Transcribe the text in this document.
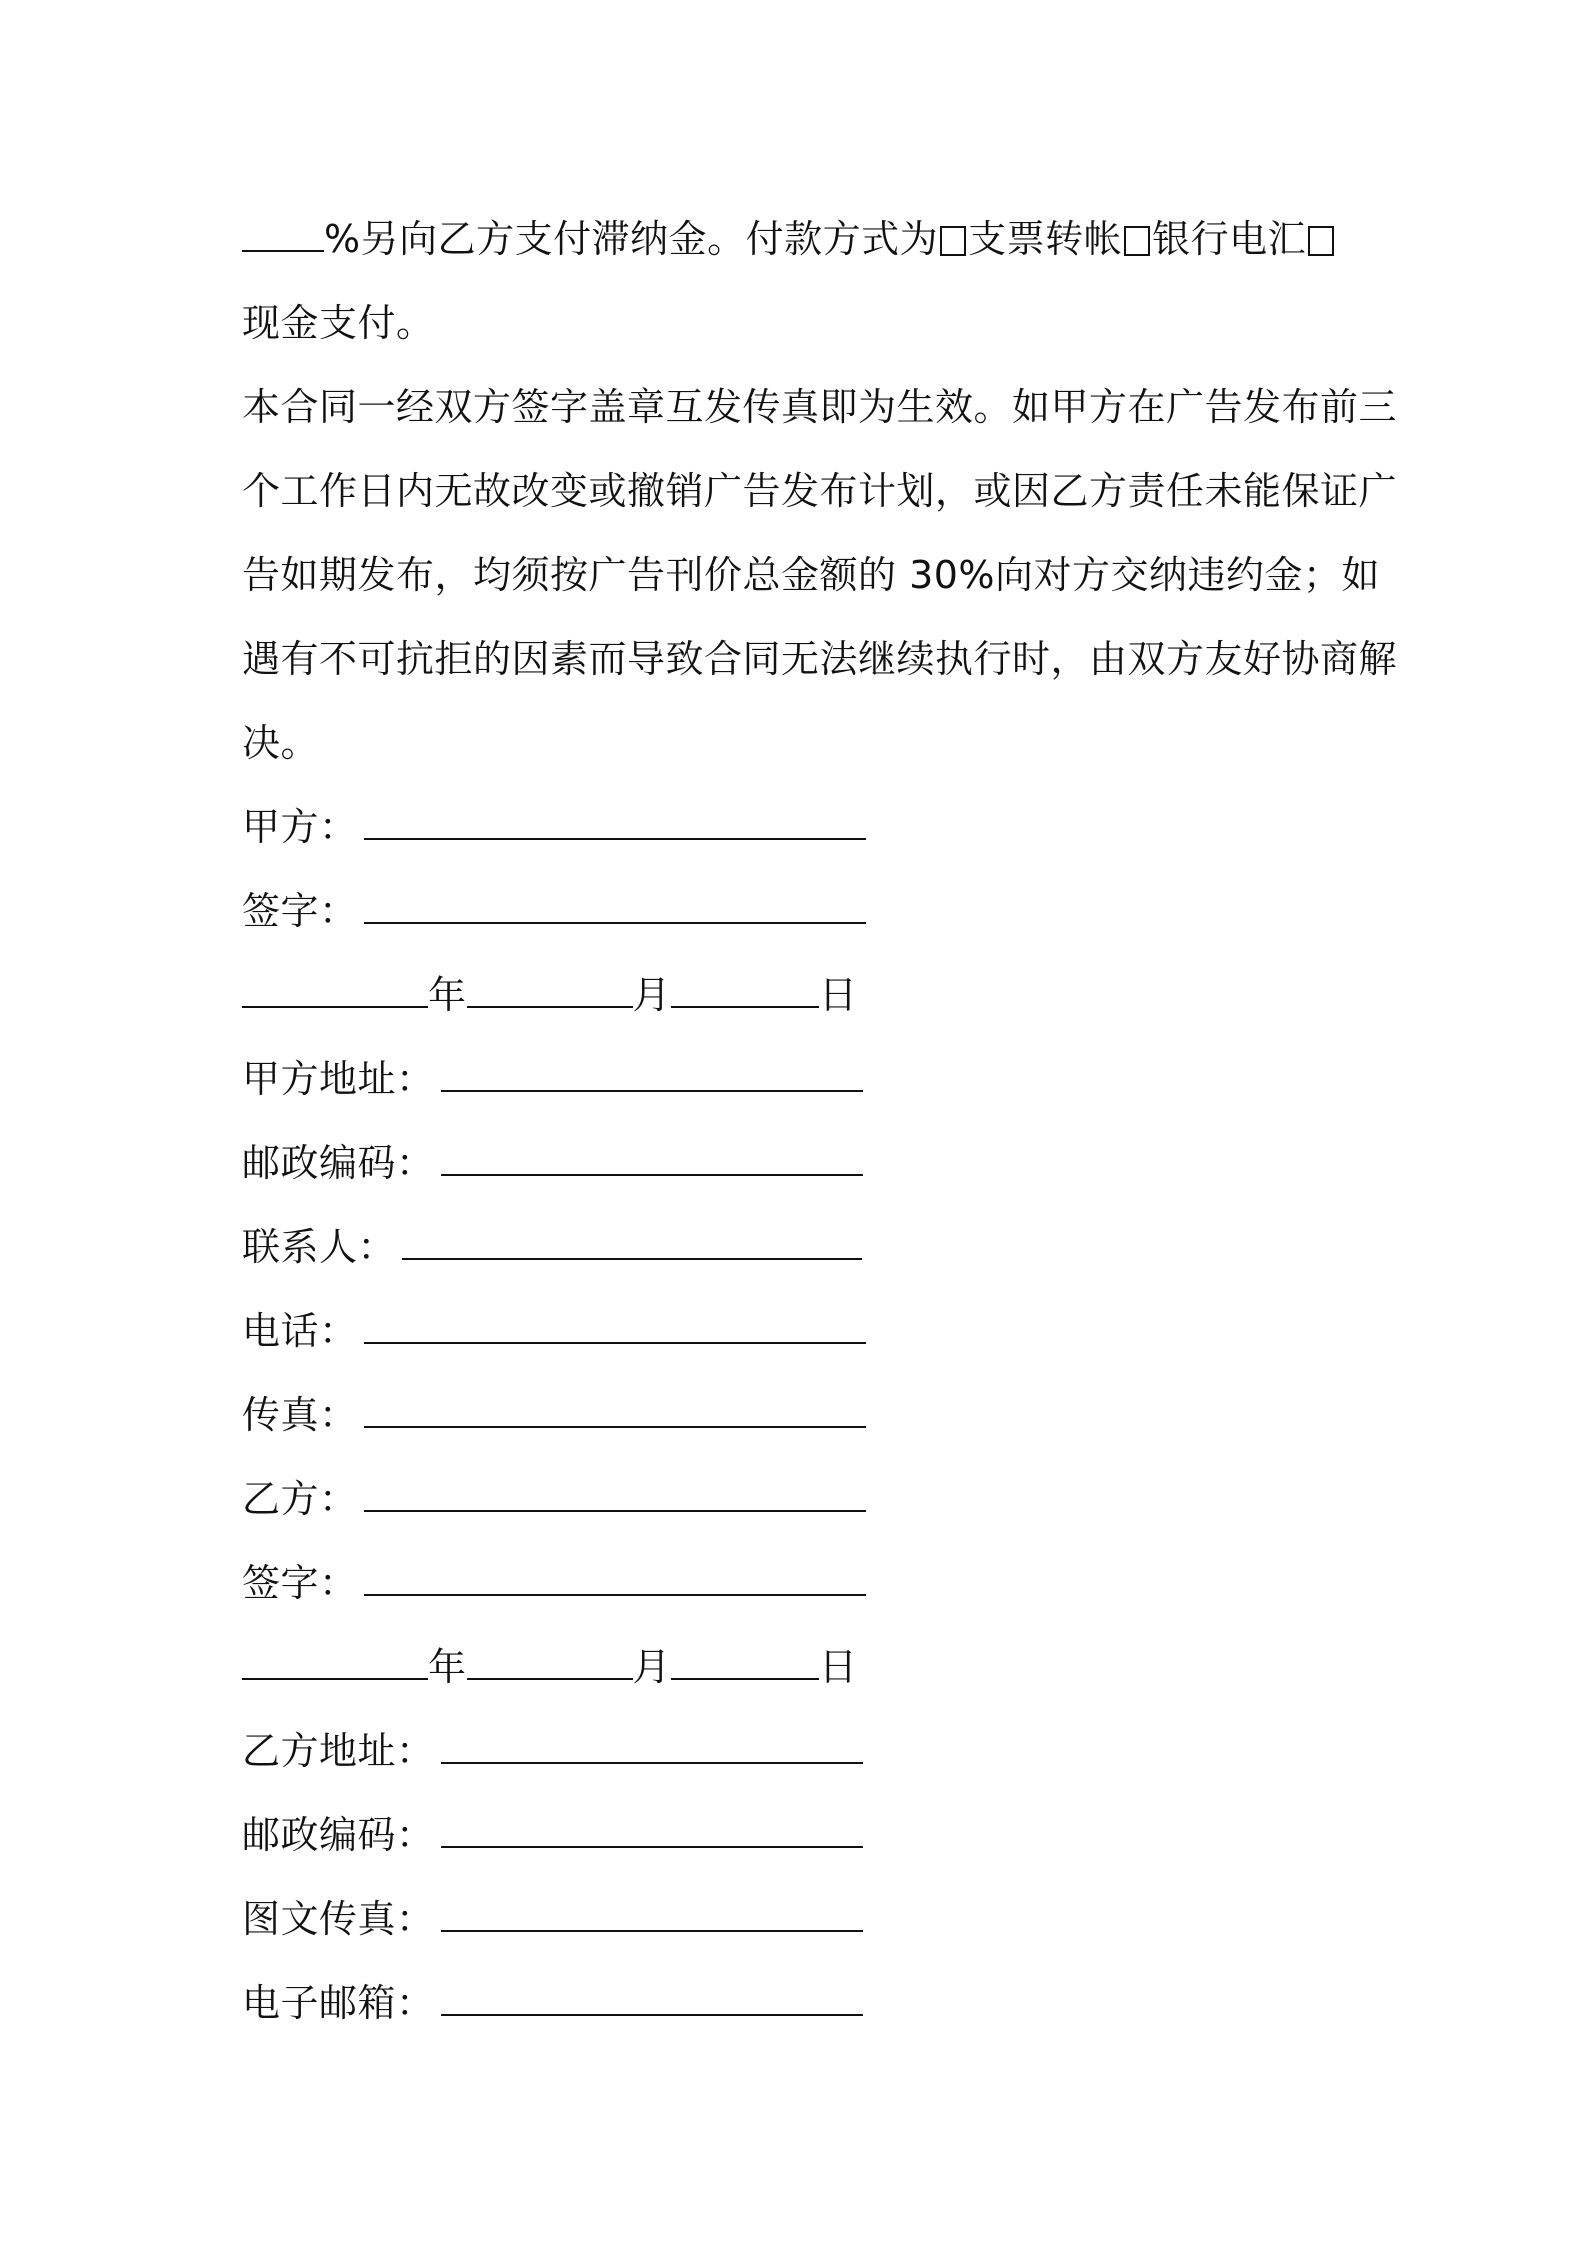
%另向乙方支付滞纳金。付款方式为 支票转帐 银行电汇
现金支付。
本合同一经双方签字盖章互发传真即为生效。如甲方在广告发布前三
个工作日内无故改变或撤销广告发布计划，或因乙方责任未能保证广
告如期发布，均须按广告刊价总金额的 30%向对方交纳违约金；如
遇有不可抗拒的因素而导致合同无法继续执行时，由双方友好协商解
决。
甲方：
签字：
年	月	日
甲方地址：
邮政编码：
联系人：
电话：
传真：
乙方：
签字：
年	月	日
乙方地址：
邮政编码：
图文传真：
电子邮箱：
